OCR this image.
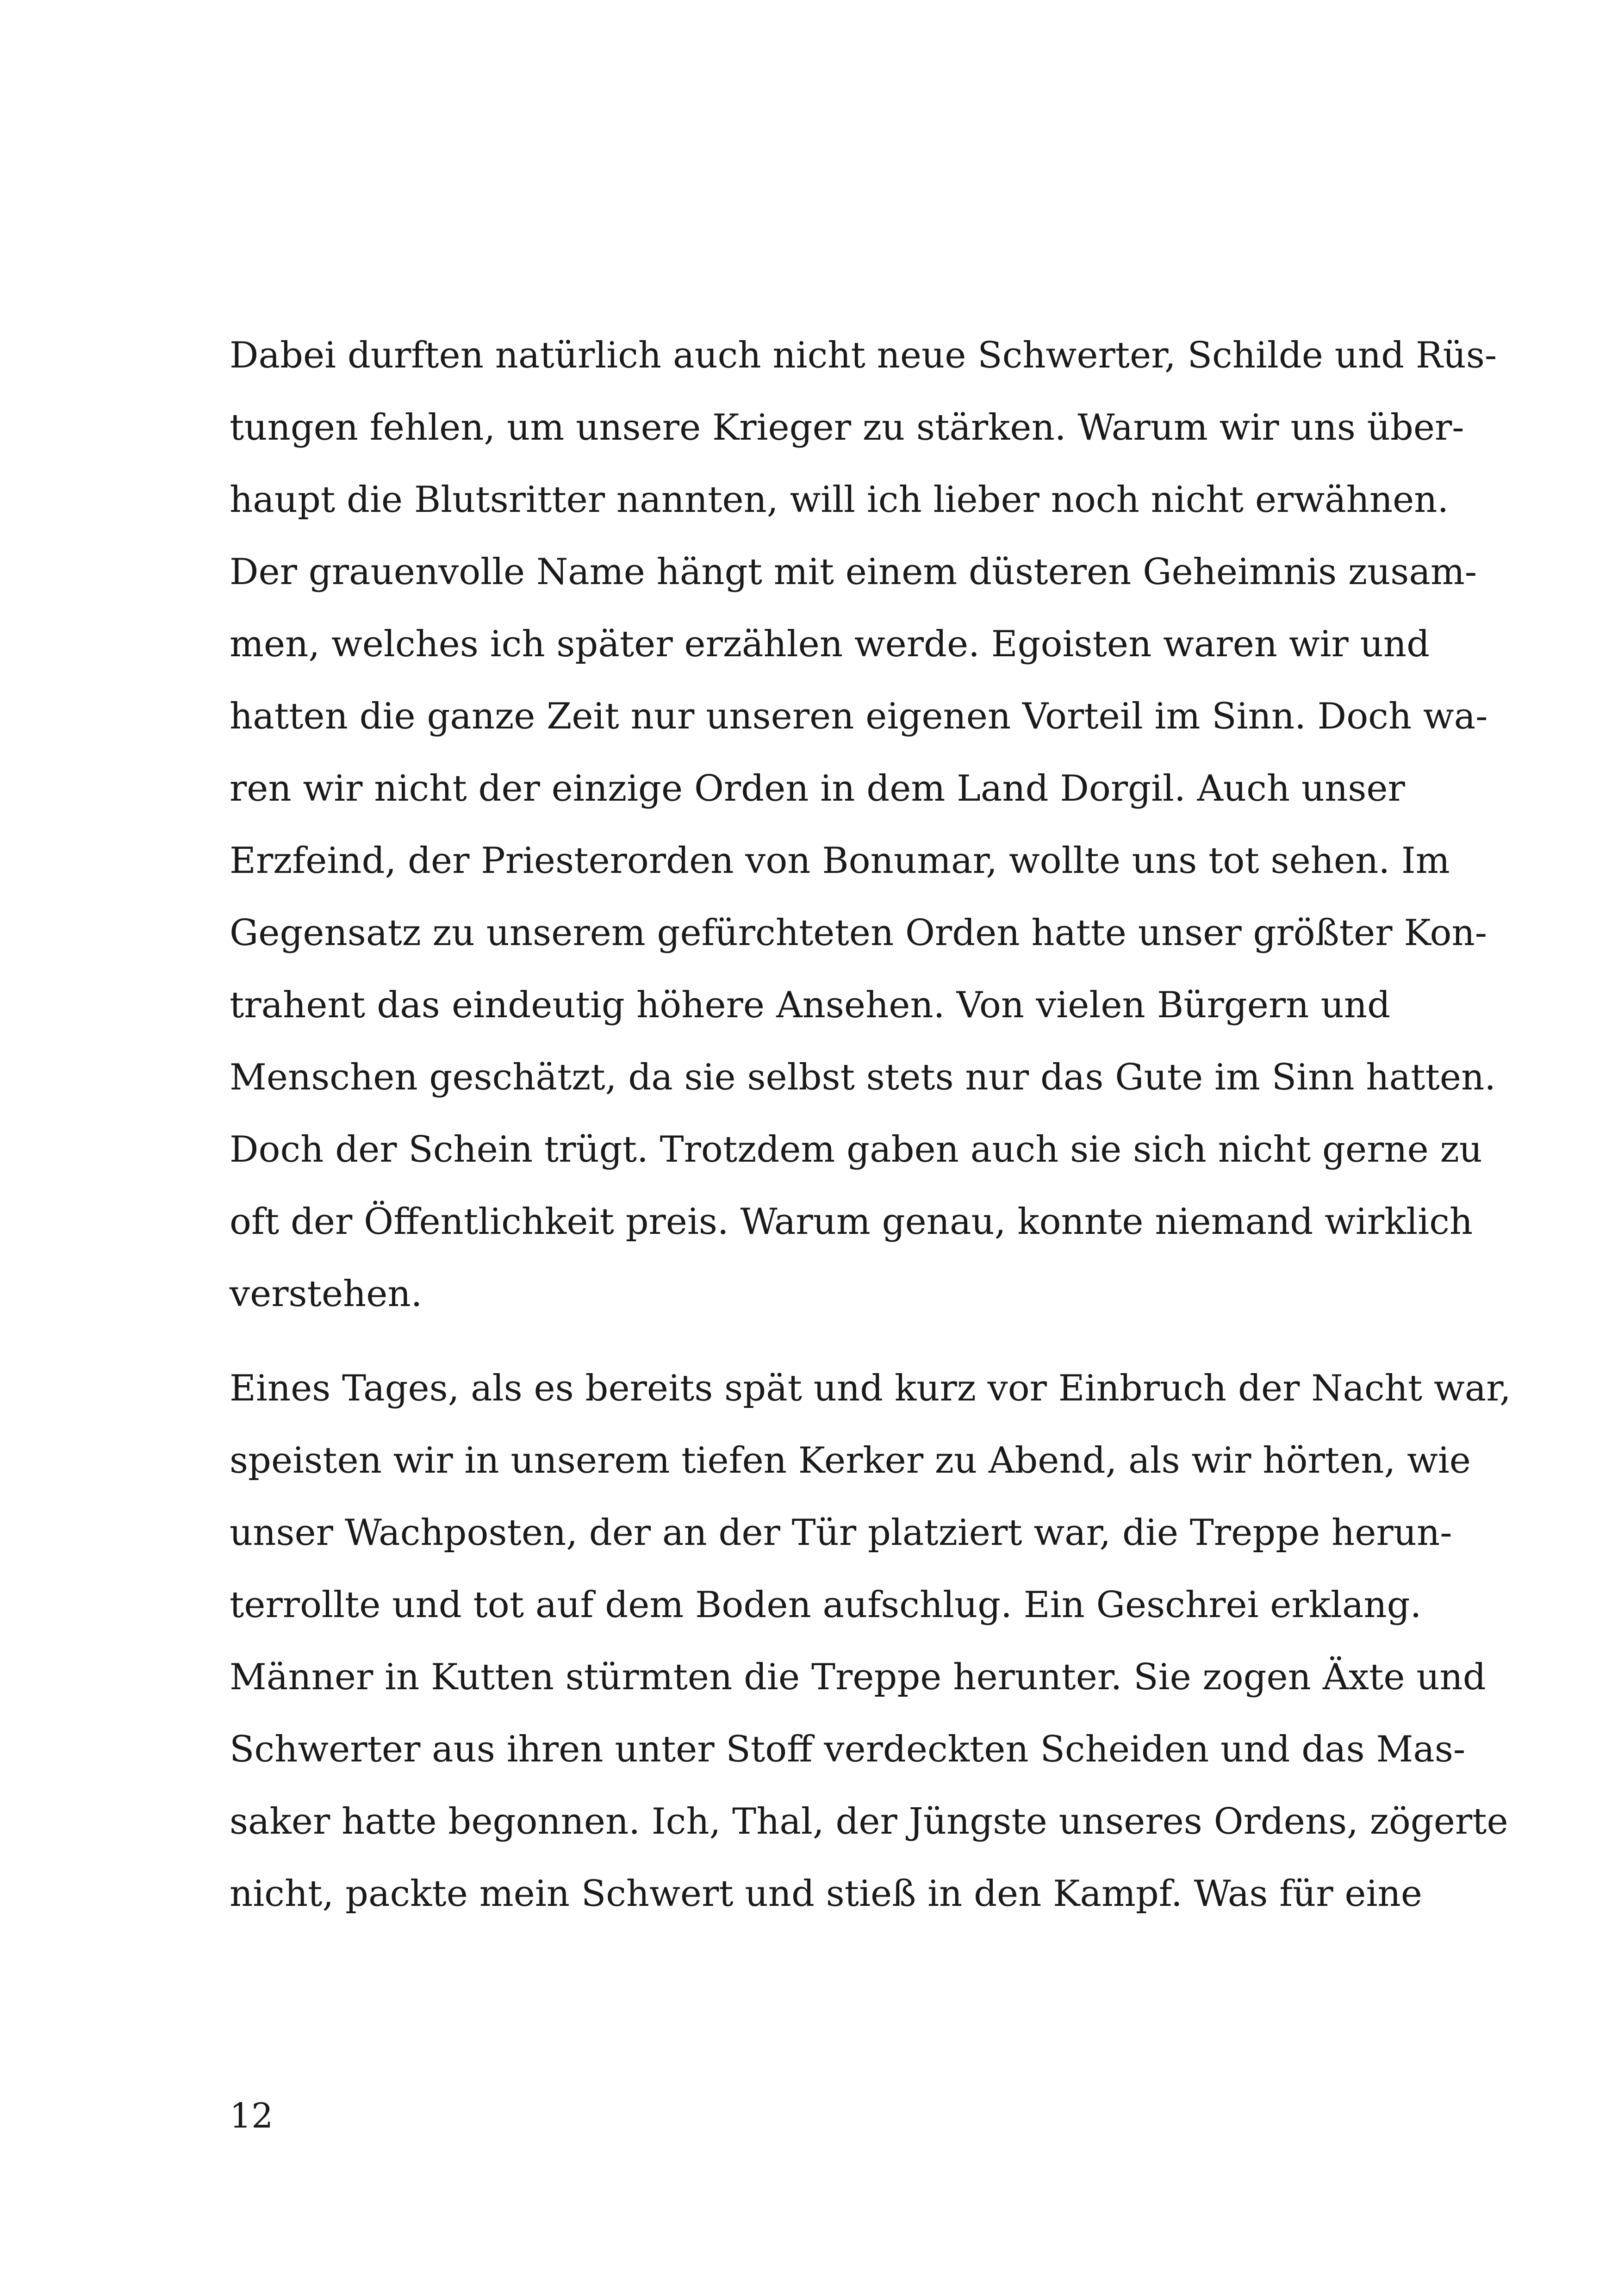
Dabei durften natürlich auch nicht neue Schwerter, Schilde und Rüs-
tungen fehlen, um unsere Krieger zu stärken. Warum wir uns über-
haupt die Blutsritter nannten, will ich lieber noch nicht erwähnen.
Der grauenvolle Name hängt mit einem düsteren Geheimnis zusam-
men, welches ich später erzählen werde. Egoisten waren wir und
hatten die ganze Zeit nur unseren eigenen Vorteil im Sinn. Doch wa-
ren wir nicht der einzige Orden in dem Land Dorgil. Auch unser
Erzfeind, der Priesterorden von Bonumar, wollte uns tot sehen. Im
Gegensatz zu unserem gefürchteten Orden hatte unser größter Kon-
trahent das eindeutig höhere Ansehen. Von vielen Bürgern und
Menschen geschätzt, da sie selbst stets nur das Gute im Sinn hatten.
Doch der Schein trügt. Trotzdem gaben auch sie sich nicht gerne zu
oft der Öffentlichkeit preis. Warum genau, konnte niemand wirklich
verstehen.
Eines Tages, als es bereits spät und kurz vor Einbruch der Nacht war,
speisten wir in unserem tiefen Kerker zu Abend, als wir hörten, wie
unser Wachposten, der an der Tür platziert war, die Treppe herun-
terrollte und tot auf dem Boden aufschlug. Ein Geschrei erklang.
Männer in Kutten stürmten die Treppe herunter. Sie zogen Äxte und
Schwerter aus ihren unter Stoff verdeckten Scheiden und das Mas-
saker hatte begonnen. Ich, Thal, der Jüngste unseres Ordens, zögerte
nicht, packte mein Schwert und stieß in den Kampf. Was für eine
12
